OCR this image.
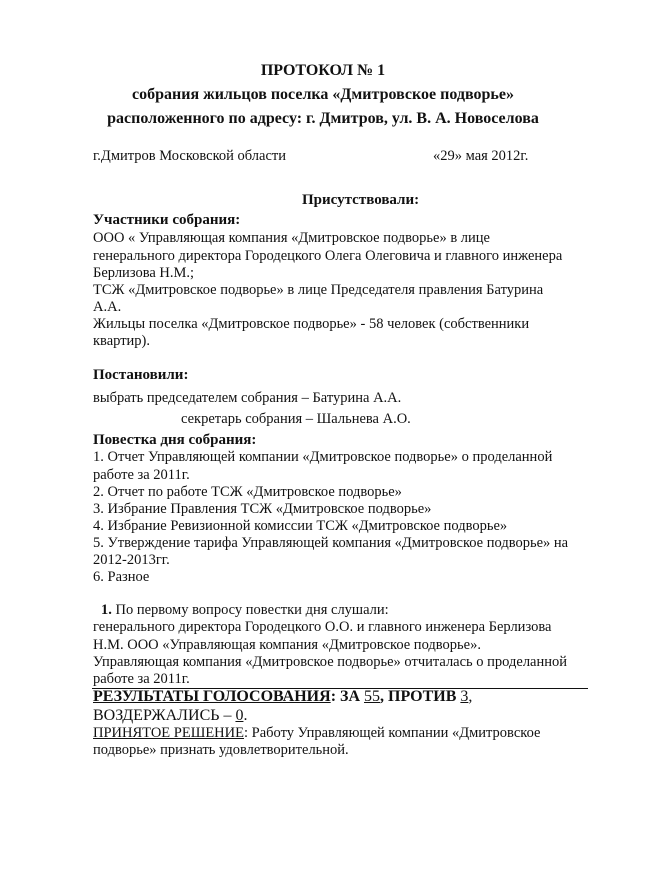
ПРОТОКОЛ № 1
собрания жильцов поселка «Дмитровское подворье»
расположенного по адресу: г. Дмитров, ул. В. А. Новоселова
г.Дмитров Московской области	«29» мая 2012г.
Присутствовали:
Участники собрания:
ООО « Управляющая компания «Дмитровское подворье» в лице
генерального директора Городецкого Олега Олеговича и главного инженера
Берлизова Н.М.;
ТСЖ «Дмитровское подворье» в лице Председателя правления Батурина
А.А.
Жильцы поселка «Дмитровское подворье» - 58 человек (собственники
квартир).
Постановили:
выбрать председателем собрания – Батурина А.А.
секретарь собрания – Шальнева А.О.
Повестка дня собрания:
1. Отчет Управляющей компании «Дмитровское подворье» о проделанной
работе за 2011г.
2. Отчет по работе ТСЖ «Дмитровское подворье»
3. Избрание Правления ТСЖ «Дмитровское подворье»
4. Избрание Ревизионной комиссии ТСЖ «Дмитровское подворье»
5. Утверждение тарифа Управляющей компания «Дмитровское подворье» на
2012-2013гг.
6. Разное
1. По первому вопросу повестки дня слушали:
генерального директора Городецкого О.О. и главного инженера Берлизова
Н.М. ООО «Управляющая компания «Дмитровское подворье».
Управляющая компания «Дмитровское подворье» отчиталась о проделанной
работе за 2011г.
РЕЗУЛЬТАТЫ ГОЛОСОВАНИЯ: ЗА 55, ПРОТИВ 3,
ВОЗДЕРЖАЛИСЬ – 0.
ПРИНЯТОЕ РЕШЕНИЕ: Работу Управляющей компании «Дмитровское
подворье» признать удовлетворительной.
